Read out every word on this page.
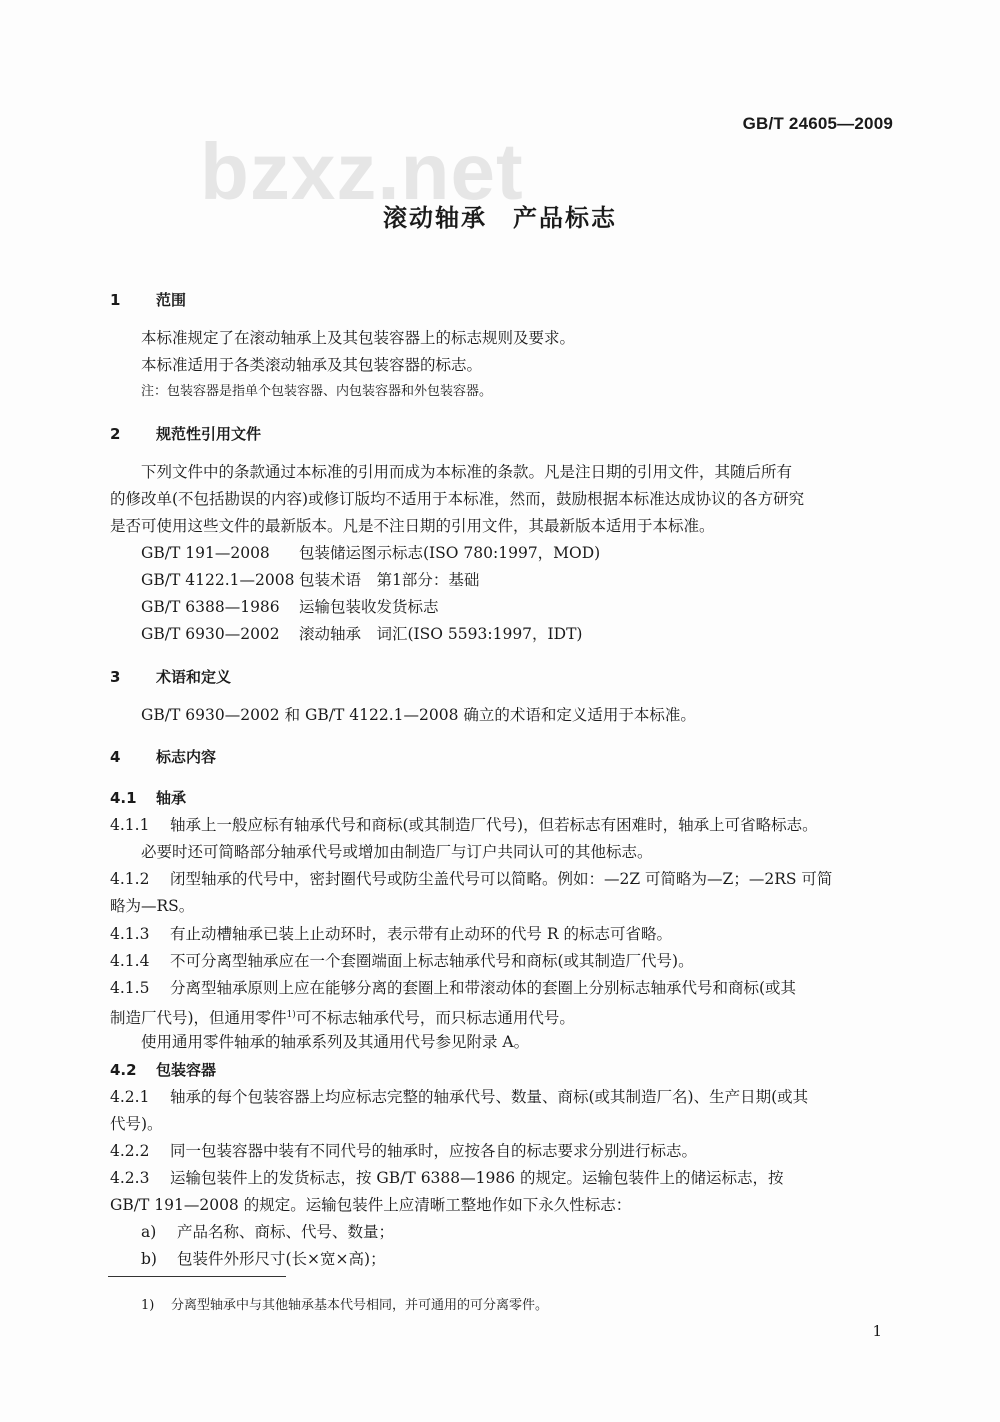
bzxz.net
GB/T 24605—2009
滚动轴承　产品标志
1 范围
本标准规定了在滚动轴承上及其包装容器上的标志规则及要求。
本标准适用于各类滚动轴承及其包装容器的标志。
注：包装容器是指单个包装容器、内包装容器和外包装容器。
2 规范性引用文件
下列文件中的条款通过本标准的引用而成为本标准的条款。凡是注日期的引用文件，其随后所有
的修改单(不包括勘误的内容)或修订版均不适用于本标准，然而，鼓励根据本标准达成协议的各方研究
是否可使用这些文件的最新版本。凡是不注日期的引用文件，其最新版本适用于本标准。
GB/T 191—2008 包装储运图示标志(ISO 780:1997，MOD)
GB/T 4122.1—2008 包装术语　第1部分：基础
GB/T 6388—1986 运输包装收发货标志
GB/T 6930—2002 滚动轴承　词汇(ISO 5593:1997，IDT)
3 术语和定义
GB/T 6930—2002 和 GB/T 4122.1—2008 确立的术语和定义适用于本标准。
4 标志内容
4.1 轴承
4.1.1 轴承上一般应标有轴承代号和商标(或其制造厂代号)，但若标志有困难时，轴承上可省略标志。
必要时还可简略部分轴承代号或增加由制造厂与订户共同认可的其他标志。
4.1.2 闭型轴承的代号中，密封圈代号或防尘盖代号可以简略。例如：—2Z 可简略为—Z；—2RS 可简
略为—RS。
4.1.3 有止动槽轴承已装上止动环时，表示带有止动环的代号 R 的标志可省略。
4.1.4 不可分离型轴承应在一个套圈端面上标志轴承代号和商标(或其制造厂代号)。
4.1.5 分离型轴承原则上应在能够分离的套圈上和带滚动体的套圈上分别标志轴承代号和商标(或其
制造厂代号)，但通用零件$^{1)}$可不标志轴承代号，而只标志通用代号。
使用通用零件轴承的轴承系列及其通用代号参见附录 A。
4.2 包装容器
4.2.1 轴承的每个包装容器上均应标志完整的轴承代号、数量、商标(或其制造厂名)、生产日期(或其
代号)。
4.2.2 同一包装容器中装有不同代号的轴承时，应按各自的标志要求分别进行标志。
4.2.3 运输包装件上的发货标志，按 GB/T 6388—1986 的规定。运输包装件上的储运标志，按
GB/T 191—2008 的规定。运输包装件上应清晰工整地作如下永久性标志：
a) 产品名称、商标、代号、数量；
b) 包装件外形尺寸(长×宽×高)；
1) 分离型轴承中与其他轴承基本代号相同，并可通用的可分离零件。
1
